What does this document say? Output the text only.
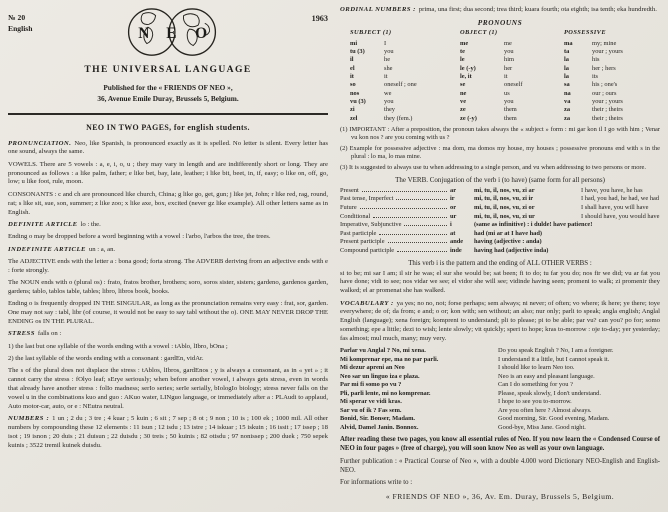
№ 20
English	N E O
1963
THE UNIVERSAL LANGUAGE
Published for the « FRIENDS OF NEO »,
36, Avenue Emile Duray, Brussels 5, Belgium.
NEO IN TWO PAGES, for english students.

PRONUNCIATION. Neo, like Spanish, is pronounced exactly as it is spelled. No letter is silent. Every letter has one sound, always the same.

VOWELS. There are 5 vowels : a, e, i, o, u ; they may vary in length and are indifferently short or long. They are pronounced as follows : a like palm, father; e like bet, bay, late, leather; i like bit, beet, in, if, easy; o like on, off, go, low; u like foot, rule, moon.

CONSONANTS : c and ch are pronounced like church, China; g like go, get, gun; j like jet, John; r like red, rag, round, rat; s like sit, sue, son, summer; z like zoo; x like axe, box, excited (never gz like example). All other letters same as in English.

DEFINITE ARTICLE lo : the.

Ending o may be dropped before a word beginning with a vowel : l'arbo, l'arbos the tree, the trees.

INDEFINITE ARTICLE un : a, an.

The ADJECTIVE ends with the letter a : bona good; forta strong. The ADVERB deriving from an adjective ends with e : forte strongly.

The NOUN ends with o (plural os) : frato, fratos brother, brothers; soro, soros sister, sisters; gardeno, gardenos garden, gardens; tablo, tablos table, tables; libro, libros book, books.

Ending o is frequently dropped IN THE SINGULAR, as long as the pronunciation remains very easy : frat, sor, garden. One may not say : tabl, libr (of course, it would not be easy to say tabl without the o). ONE MAY NEVER DROP THE ENDING os IN THE PLURAL.

STRESS falls on :

1) the last but one syllable of the words ending with a vowel : tAblo, lIbro, bOna ;

2) the last syllable of the words ending with a consonant : gardEn, vidAr.

The s of the plural does not displace the stress : tAblos, lIbros, gardEnos ; y is always a consonant, as in « yet » ; it cannot carry the stress : fOlyo leaf; sErye seriously; when before another vowel, i always gets stress, even in words that already have another stress : folIo madness; serIo series; serIe serially, bIologIo biology; stress never falls on the vowel u in the combinations kuo and guo : AKuo water, LINguo language, or immediately after a : PLAudi to applaud, Auto motor-car, auto, or e : NEutra neutral.

NUMBERS : 1 un ; 2 du ; 3 tre ; 4 kuar ; 5 kuin ; 6 sit ; 7 sep ; 8 ot ; 9 non ; 10 is ; 100 ek ; 1000 mil. All other numbers by compounding these 12 elements : 11 isun ; 12 isdu ; 13 istre ; 14 iskuar ; 15 iskuin ; 16 issit ; 17 issep ; 18 isot ; 19 isnon ; 20 duis ; 21 duisun ; 22 duisdu ; 30 treis ; 50 kuinis ; 82 otisdu ; 97 nonissep ; 200 duek ; 750 sepek kuinis ; 3522 tremil kuinek duisdu.

ORDINAL NUMBERS : prima, una first; dua second; trea third; kuara fourth; ota eighth; isa tenth; eka hundredth.

PRONOUNS
SUBJECT (1)	OBJECT (1)	POSSESSIVE
mi	I	me	me	ma	my; mine
tu (3)	you	te	you	ta	your ; yours
il	he	le	him	la	his
el	she	le (-y)	her	la	her ; hers
it	it	le, it	it	la	its
so	oneself ; one	se	oneself	sa	his ; one's
nos	we	ne	us	na	our ; ours
vu (3)	you	ve	you	va	your ; yours
zi	they	ze	them	za	their ; theirs
zel	they (fem.)	ze (-y)	them	za	their ; theirs

(1) IMPORTANT : After a preposition, the pronoun takes always the « subject » form : mi gar kon il I go with him ; Venar vu kon nos ? are you coming with us ?

(2) Example for possessive adjective : ma dom, ma domos my house, my houses ; possessive pronouns end with s in the plural : lo ma, lo mas mine.

(3) It is suggested to always use tu when addressing to a single person, and vu when addressing to two persons or more.

The VERB. Conjugation of the verb i (to have) (same form for all persons)

Present	ar	mi, tu, il, nos, vu, zi ar	I have, you have, he has
Past tense, Imperfect	ir	mi, tu, il, nos, vu, zi ir	I had, you had, he had, we had
Future	or	mi, tu, il, nos, vu, zi or	I shall have, you will have
Conditional	ur	mi, tu, il, nos, vu, zi ur	I should have, you would have
Imperative, Subjunctive	i	(same as infinitive) : i dulde! have patience!
Past participle	at	had (mi ar at I have had)
Present participle	ande	having (adjective : anda)
Compound participle	inde	having had (adjective inda)

This verb i is the pattern and the ending of ALL OTHER VERBS :

si to be; mi sar I am; il sir he was; el sur she would be; sat been; fi to do; tu far you do; nos fir we did; vu ar fat you have done; vidi to see; nos vidar we see; el vidor she will see; vidinde having seen; promeni to walk; zi promenir they walked; el ar promenat she has walked.

VOCABULARY : ya yes; no no, not; forse perhaps; sem always; ni never; of often; vo where; ik here; ye there; toye everywhere; de of; da from; e and; o or; kon with; sen without; an also; nur only; parli to speak; angla english; Anglal English (language); xena foreign; kompreni to understand; pli to please; pi to be able; par vu? can you? po for; somo something; epe a little; dezi to wish; lente slowly; vit quickly; speri to hope; kras to-morrow : oje to-day; yer yesterday; fas almost; mul much, many; muy very.

Parlar vu Anglal ? No, mi xena.	Do you speak English ? No, I am a foreigner.
Mi komprenar epe, ma no par parli.	I understand it a little, but I cannot speak it.
Mi dezur apreni an Neo	I should like to learn Neo too.
Neo sar un linguo iza e plaza.	Neo is an easy and pleasant language.
Par mi fi somo po vu ?	Can I do something for you ?
Pli, parli lente, mi no komprenar.	Please, speak slowly, I don't understand.
Mi sperar ve vidi kras.	I hope to see you to-morrow.
Sar vu of ik ? Fas sem.	Are you often here ? Almost always.
Bonid, Sir. Bonser, Madam.	Good morning, Sir. Good evening, Madam.
Alvid, Damel Janin. Bonnox.	Good-bye, Miss Jane. Good night.

After reading these two pages, you know all essential rules of Neo. If you now learn the « Condensed Course of NEO in four pages » (free of charge), you will soon know Neo as well as your own language.

Further publication : « Practical Course of Neo », with a double 4.000 word Dictionary NEO-English and English-NEO.

For informations write to :

« FRIENDS OF NEO », 36, Av. Em. Duray, Brussels 5, Belgium.
